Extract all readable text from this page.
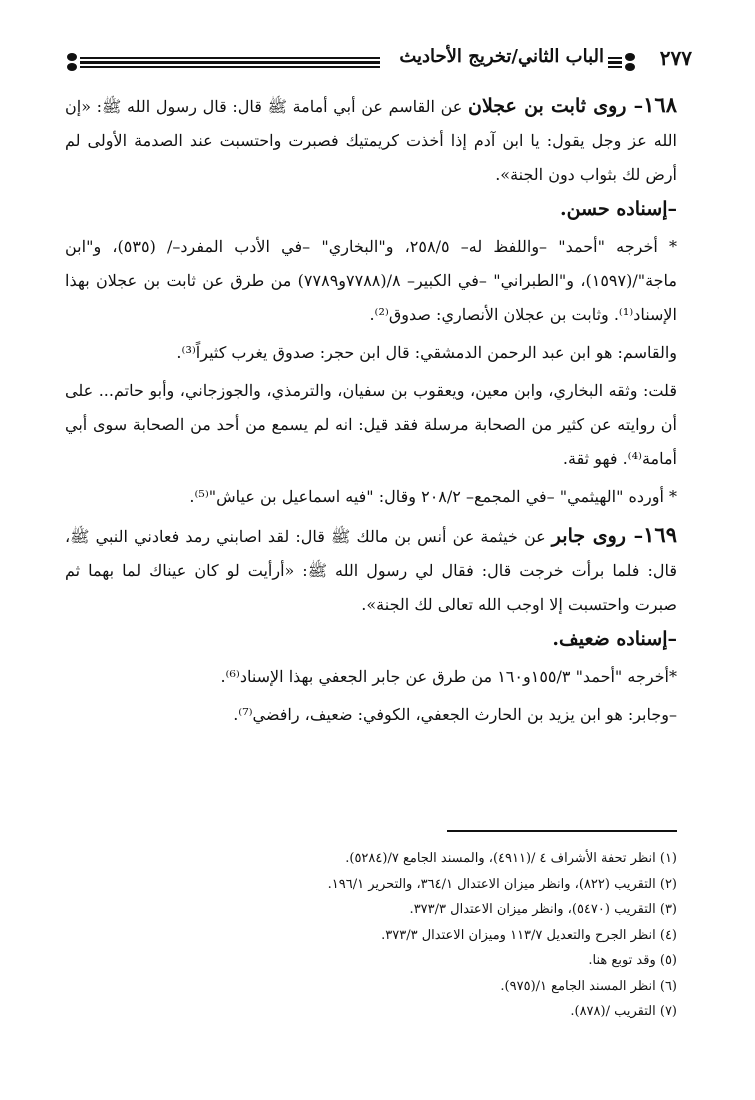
٢٧٧
الباب الثاني/تخريج الأحاديث

١٦٨– روى ثابت بن عجلان عن القاسم عن أبي أمامة ﷺ قال: قال رسول الله ﷺ: «إن الله عز وجل يقول: يا ابن آدم إذا أخذت كريمتيك فصبرت واحتسبت عند الصدمة الأولى لم أرض لك بثواب دون الجنة».

–إسناده حسن.

* أخرجه "أحمد" –واللفظ له– ٢٥٨/٥، و"البخاري" –في الأدب المفرد–/ (٥٣٥)، و"ابن ماجة"/(١٥٩٧)، و"الطبراني" –في الكبير– ٨/(٧٧٨٨و٧٧٨٩) من طرق عن ثابت بن عجلان بهذا الإسناد⁽¹⁾. وثابت بن عجلان الأنصاري: صدوق⁽²⁾.

والقاسم: هو ابن عبد الرحمن الدمشقي: قال ابن حجر: صدوق يغرب كثيراً⁽³⁾.

قلت: وثقه البخاري، وابن معين، ويعقوب بن سفيان، والترمذي، والجوزجاني، وأبو حاتم... على أن روايته عن كثير من الصحابة مرسلة فقد قيل: انه لم يسمع من أحد من الصحابة سوى أبي أمامة⁽⁴⁾. فهو ثقة.

* أورده "الهيثمي" –في المجمع– ٢٠٨/٢ وقال: "فيه اسماعيل بن عياش"⁽⁵⁾.

١٦٩– روى جابر عن خيثمة عن أنس بن مالك ﷺ قال: لقد اصابني رمد فعادني النبي ﷺ، قال: فلما برأت خرجت قال: فقال لي رسول الله ﷺ: «أرأيت لو كان عيناك لما بهما ثم صبرت واحتسبت إلا اوجب الله تعالى لك الجنة».

–إسناده ضعيف.

*أخرجه "أحمد" ١٥٥/٣و١٦٠ من طرق عن جابر الجعفي بهذا الإسناد⁽⁶⁾.

–وجابر: هو ابن يزيد بن الحارث الجعفي، الكوفي: ضعيف، رافضي⁽⁷⁾.

(١) انظر تحفة الأشراف ٤ /(٤٩١١)، والمسند الجامع ٧/(٥٢٨٤).
(٢) التقريب (٨٢٢)، وانظر ميزان الاعتدال ٣٦٤/١، والتحرير ١٩٦/١.
(٣) التقريب (٥٤٧٠)، وانظر ميزان الاعتدال ٣٧٣/٣.
(٤) انظر الجرح والتعديل ١١٣/٧ وميزان الاعتدال ٣٧٣/٣.
(٥) وقد توبع هنا.
(٦) انظر المسند الجامع ١/(٩٧٥).
(٧) التقريب /(٨٧٨).
